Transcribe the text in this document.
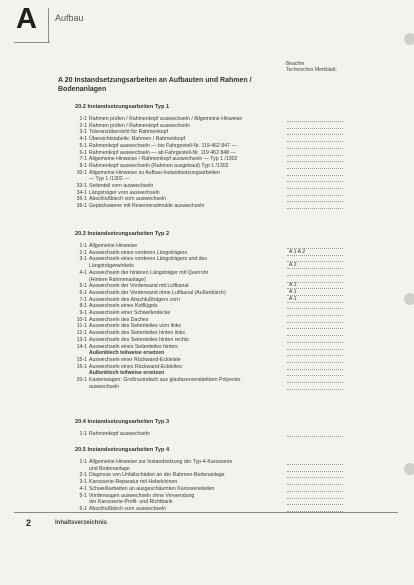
A Aufbau
Beachte
Technisches Merkblatt:
A 20 Instandsetzungsarbeiten an Aufbauten und Rahmen /
Bodenanlagen
20.2 Instandsetzungsarbeiten Typ 1
1-1 Rahmen prüfen / Rahmenkopf auswechseln / Allgemeine Hinweise
2-1 Rahmen prüfen / Rahmenkopf auswechseln
3-1 Toleranzübersicht für Rahmenkopf
4-1 Übersichtstabelle: Rahmen / Rahmenkopf
5-1 Rahmenkopf auswechseln — bis Fahrgestell-Nr. 119 462 847 —
6-1 Rahmenkopf auswechseln — ab Fahrgestell-Nr. 119 462 848 —
7-1 Allgemeine Hinweise / Rahmenkopf auswechseln — Typ 1 /1302
8-1 Rahmenkopf auswechseln (Rahmen ausgebaut) Typ 1 /1302
30-1 Allgemeine Hinweise zu Aufbau-Instandsetzungsarbeiten
— Typ 1 /1302 —
33-1 Seitenteil vorn auswechseln
34-1 Längsträger vorn auswechseln
35-1 Abschlußblech vorn auswechseln
36-1 Gepäckwanne mit Reserveradmulde auswechseln
20.3 Instandsetzungsarbeiten Typ 2
1-1 Allgemeine Hinweise
2-1 Auswechseln eines vorderen Längsträgers	A 1 A 2
3-1 Auswechseln eines vorderen Längsträgers und des
Längsträgerwinkels	A 2
4-1 Auswechseln der hinteren Längsträger mit Querrohr
(Hintere Rahmenanlage)
5-1 Auswechseln der Vorderwand mit Luftkanal	A 1
6-1 Auswechseln der Vorderwand ohne Luftkanal (Außenblech)	A 1
7-1 Auswechseln des Abschlußträgers vorn	A 1
8-1 Auswechseln eines Kotflügels
9-1 Auswechseln einer Schwellerdecke
10-1 Auswechseln des Daches
11-1 Auswechseln des Seitenteiles vorn links
12-1 Auswechseln des Seitenteiles hinten links
13-1 Auswechseln des Seitenteiles hinten rechts
14-1 Auswechseln eines Seitenteiles hinten:
Außenblech teilweise ersetzen
15-1 Auswechseln einer Rückwand-Eckleiste
16-1 Auswechseln eines Rückwand-Eckteiles:
Außenblech teilweise ersetzen
20-1 Kastenwagen: Großraumdach aus glasfaserverstärktem Polyester
auswechseln
20.4 Instandsetzungsarbeiten Typ 3
1-1 Rahmenkopf auswechseln
20.5 Instandsetzungsarbeiten Typ 4
1-1 Allgemeine Hinweise zur Instandsetzung der Typ-4-Karosserie
und Bodenanlage
2-1 Diagnose von Unfallschäden an der Rahmen-Bodenanlage
3-1 Karosserie-Reparatur mit Hebelchinen
4-1 Schweißarbeiten an ausgeschäumten Karosserieteilen
5-1 Vorderwagen auswechseln ohne Verwendung
der Karosserie-Profil- und Richtbank
6-1 Abschlußblech vorn auswechseln
2	Inhaltsverzeichnis
